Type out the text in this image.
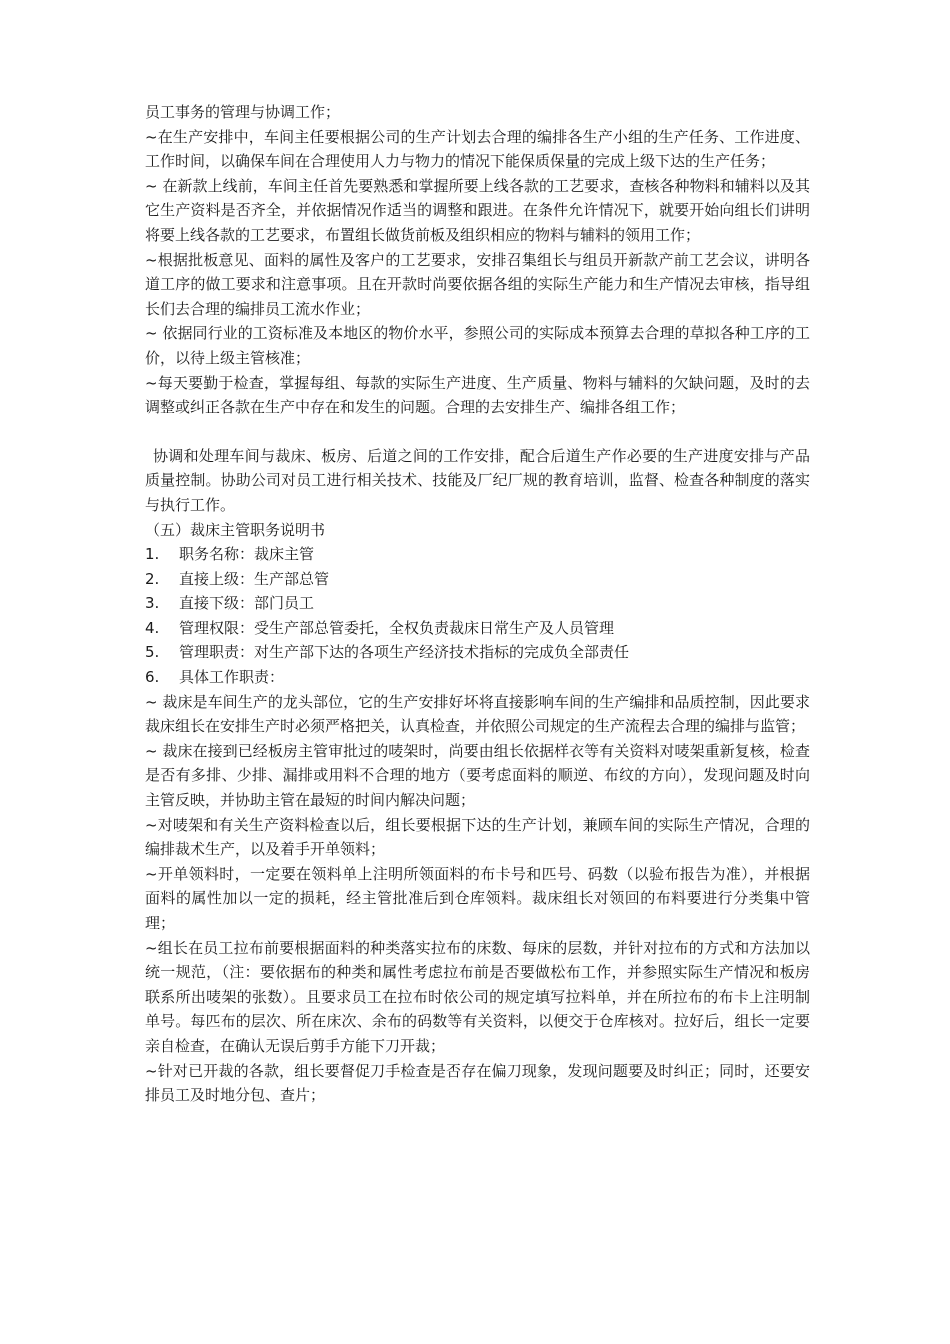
员工事务的管理与协调工作；

~在生产安排中，车间主任要根据公司的生产计划去合理的编排各生产小组的生产任务、工作进度、工作时间，以确保车间在合理使用人力与物力的情况下能保质保量的完成上级下达的生产任务；

~ 在新款上线前，车间主任首先要熟悉和掌握所要上线各款的工艺要求，查核各种物料和辅料以及其它生产资料是否齐全，并依据情况作适当的调整和跟进。在条件允许情况下，就要开始向组长们讲明将要上线各款的工艺要求，布置组长做货前板及组织相应的物料与辅料的领用工作；

~根据批板意见、面料的属性及客户的工艺要求，安排召集组长与组员开新款产前工艺会议，讲明各道工序的做工要求和注意事项。且在开款时尚要依据各组的实际生产能力和生产情况去审核，指导组长们去合理的编排员工流水作业；

~ 依据同行业的工资标准及本地区的物价水平，参照公司的实际成本预算去合理的草拟各种工序的工价，以待上级主管核准；

~每天要勤于检查，掌握每组、每款的实际生产进度、生产质量、物料与辅料的欠缺问题，及时的去调整或纠正各款在生产中存在和发生的问题。合理的去安排生产、编排各组工作；

协调和处理车间与裁床、板房、后道之间的工作安排，配合后道生产作必要的生产进度安排与产品质量控制。协助公司对员工进行相关技术、技能及厂纪厂规的教育培训，监督、检查各种制度的落实与执行工作。

（五）裁床主管职务说明书

1.	职务名称：裁床主管
2.	直接上级：生产部总管
3.	直接下级：部门员工
4.	管理权限：受生产部总管委托，全权负责裁床日常生产及人员管理
5.	管理职责：对生产部下达的各项生产经济技术指标的完成负全部责任
6.	具体工作职责：

~ 裁床是车间生产的龙头部位，它的生产安排好坏将直接影响车间的生产编排和品质控制，因此要求裁床组长在安排生产时必须严格把关，认真检查，并依照公司规定的生产流程去合理的编排与监管；

~ 裁床在接到已经板房主管审批过的唛架时，尚要由组长依据样衣等有关资料对唛架重新复核，检查是否有多排、少排、漏排或用料不合理的地方（要考虑面料的顺逆、布纹的方向），发现问题及时向主管反映，并协助主管在最短的时间内解决问题；

~对唛架和有关生产资料检查以后，组长要根据下达的生产计划，兼顾车间的实际生产情况，合理的编排裁术生产，以及着手开单领料；

~开单领料时，一定要在领料单上注明所领面料的布卡号和匹号、码数（以验布报告为准），并根据面料的属性加以一定的损耗，经主管批准后到仓库领料。裁床组长对领回的布料要进行分类集中管理；

~组长在员工拉布前要根据面料的种类落实拉布的床数、每床的层数，并针对拉布的方式和方法加以统一规范，（注：要依据布的种类和属性考虑拉布前是否要做松布工作，并参照实际生产情况和板房联系所出唛架的张数）。且要求员工在拉布时依公司的规定填写拉料单，并在所拉布的布卡上注明制单号。每匹布的层次、所在床次、余布的码数等有关资料，以便交于仓库核对。拉好后，组长一定要亲自检查，在确认无误后剪手方能下刀开裁；

~针对已开裁的各款，组长要督促刀手检查是否存在偏刀现象，发现问题要及时纠正；同时，还要安排员工及时地分包、查片；
